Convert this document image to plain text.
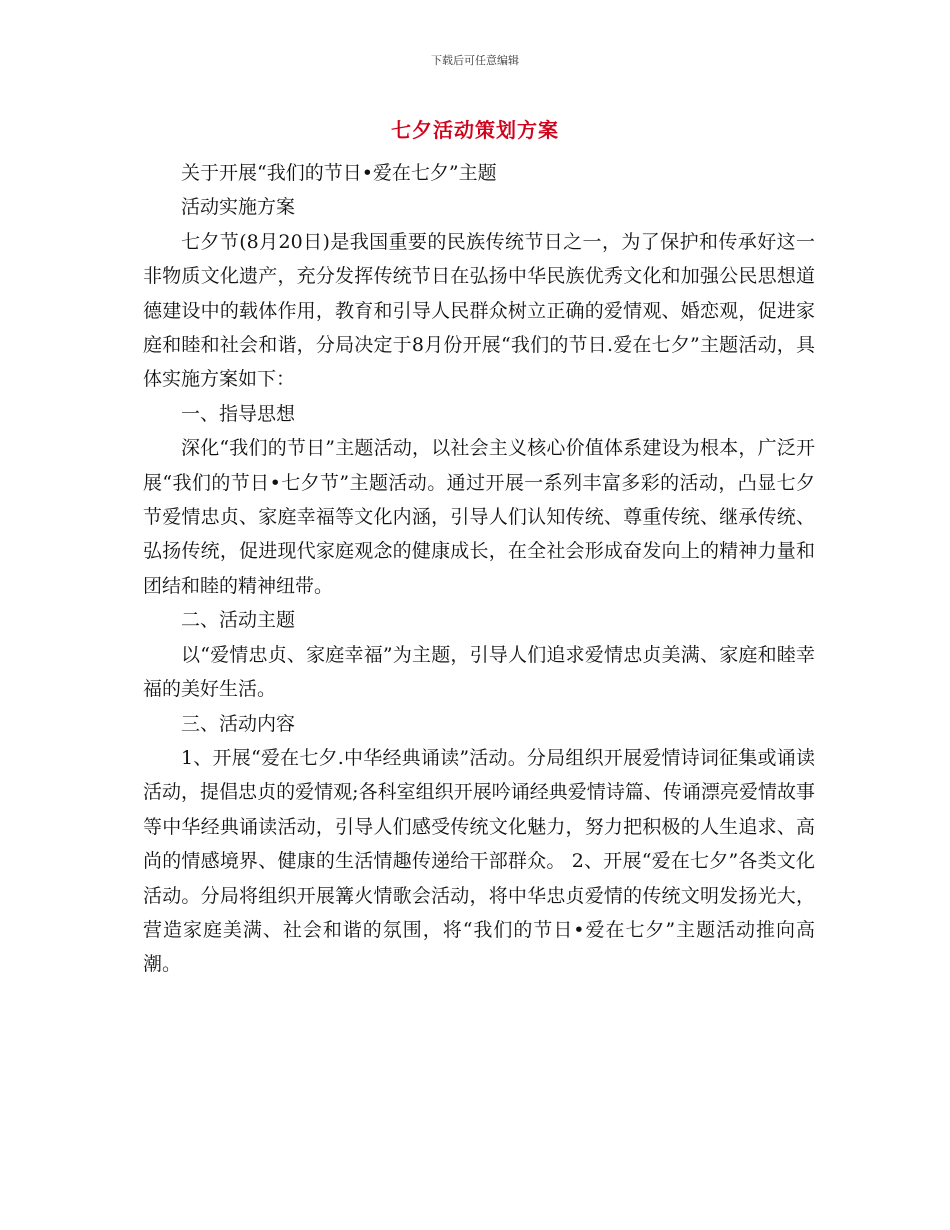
下载后可任意编辑
七夕活动策划方案

关于开展“我们的节日•爱在七夕”主题

活动实施方案

七夕节(8月20日)是我国重要的民族传统节日之一，为了保护和传承好这一非物质文化遗产，充分发挥传统节日在弘扬中华民族优秀文化和加强公民思想道德建设中的载体作用，教育和引导人民群众树立正确的爱情观、婚恋观，促进家庭和睦和社会和谐，分局决定于8月份开展“我们的节日.爱在七夕”主题活动，具体实施方案如下：

一、指导思想

深化“我们的节日”主题活动，以社会主义核心价值体系建设为根本，广泛开展“我们的节日•七夕节”主题活动。通过开展一系列丰富多彩的活动，凸显七夕节爱情忠贞、家庭幸福等文化内涵，引导人们认知传统、尊重传统、继承传统、弘扬传统，促进现代家庭观念的健康成长，在全社会形成奋发向上的精神力量和团结和睦的精神纽带。

二、活动主题

以“爱情忠贞、家庭幸福”为主题，引导人们追求爱情忠贞美满、家庭和睦幸福的美好生活。

三、活动内容

1、开展“爱在七夕.中华经典诵读”活动。分局组织开展爱情诗词征集或诵读活动，提倡忠贞的爱情观;各科室组织开展吟诵经典爱情诗篇、传诵漂亮爱情故事等中华经典诵读活动，引导人们感受传统文化魅力，努力把积极的人生追求、高尚的情感境界、健康的生活情趣传递给干部群众。 2、开展“爱在七夕”各类文化活动。分局将组织开展篝火情歌会活动，将中华忠贞爱情的传统文明发扬光大，营造家庭美满、社会和谐的氛围，将“我们的节日•爱在七夕”主题活动推向高潮。
